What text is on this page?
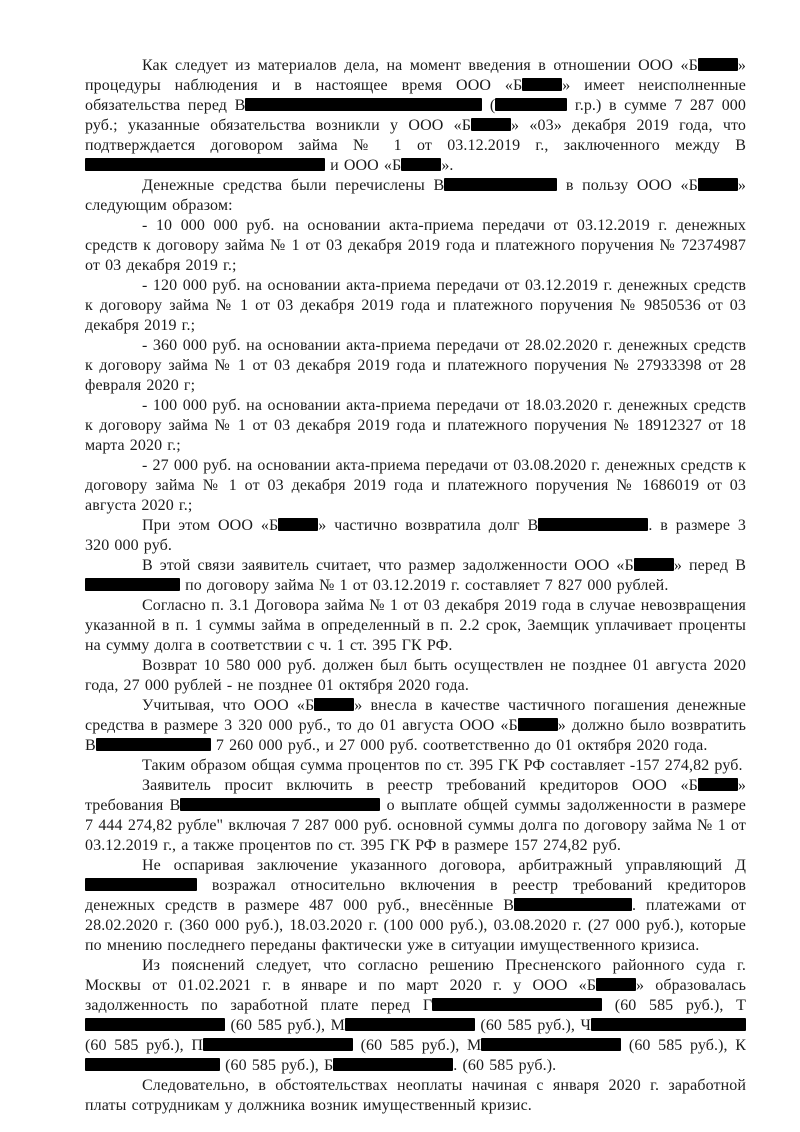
Как следует из материалов дела, на момент введения в отношении ООО «Б	» процедуры наблюдения и в настоящее время ООО «Б	» имеет неисполненные обязательства перед В	(	г.р.) в сумме 7 287 000 руб.; указанные обязательства возникли у ООО «Б	» «03» декабря 2019 года, что подтверждается договором займа № 1 от 03.12.2019 г., заключенного между В и ООО «Б	».

Денежные средства были перечислены В	в пользу ООО «Б	» следующим образом:

- 10 000 000 руб. на основании акта-приема передачи от 03.12.2019 г. денежных средств к договору займа № 1 от 03 декабря 2019 года и платежного поручения № 72374987 от 03 декабря 2019 г.;

- 120 000 руб. на основании акта-приема передачи от 03.12.2019 г. денежных средств к договору займа № 1 от 03 декабря 2019 года и платежного поручения № 9850536 от 03 декабря 2019 г.;

- 360 000 руб. на основании акта-приема передачи от 28.02.2020 г. денежных средств к договору займа № 1 от 03 декабря 2019 года и платежного поручения № 27933398 от 28 февраля 2020 г;

- 100 000 руб. на основании акта-приема передачи от 18.03.2020 г. денежных средств к договору займа № 1 от 03 декабря 2019 года и платежного поручения № 18912327 от 18 марта 2020 г.;

- 27 000 руб. на основании акта-приема передачи от 03.08.2020 г. денежных средств к договору займа № 1 от 03 декабря 2019 года и платежного поручения № 1686019 от 03 августа 2020 г.;

При этом ООО «Б	» частично возвратила долг В	. в размере 3 320 000 руб.

В этой связи заявитель считает, что размер задолженности ООО «Б	» перед В по договору займа № 1 от 03.12.2019 г. составляет 7 827 000 рублей.

Согласно п. 3.1 Договора займа № 1 от 03 декабря 2019 года в случае невозвращения указанной в п. 1 суммы займа в определенный в п. 2.2 срок, Заемщик уплачивает проценты на сумму долга в соответствии с ч. 1 ст. 395 ГК РФ.

Возврат 10 580 000 руб. должен был быть осуществлен не позднее 01 августа 2020 года, 27 000 рублей - не позднее 01 октября 2020 года.

Учитывая, что ООО «Б	» внесла в качестве частичного погашения денежные средства в размере 3 320 000 руб., то до 01 августа ООО «Б	» должно было возвратить В	7 260 000 руб., и 27 000 руб. соответственно до 01 октября 2020 года.

Таким образом общая сумма процентов по ст. 395 ГК РФ составляет -157 274,82 руб.

Заявитель просит включить в реестр требований кредиторов ООО «Б	» требования В	о выплате общей суммы задолженности в размере 7 444 274,82 рубле" включая 7 287 000 руб. основной суммы долга по договору займа № 1 от 03.12.2019 г., а также процентов по ст. 395 ГК РФ в размере 157 274,82 руб.

Не оспаривая заключение указанного договора, арбитражный управляющий Д возражал относительно включения в реестр требований кредиторов денежных средств в размере 487 000 руб., внесённые В	. платежами от 28.02.2020 г. (360 000 руб.), 18.03.2020 г. (100 000 руб.), 03.08.2020 г. (27 000 руб.), которые по мнению последнего переданы фактически уже в ситуации имущественного кризиса.

Из пояснений следует, что согласно решению Пресненского районного суда г. Москвы от 01.02.2021 г. в январе и по март 2020 г. у ООО «Б	» образовалась задолженность по заработной плате перед Г	(60 585 руб.), Т (60 585 руб.), М	(60 585 руб.), Ч (60 585 руб.), П	(60 585 руб.), М	(60 585 руб.), К (60 585 руб.), Б	. (60 585 руб.).

Следовательно, в обстоятельствах неоплаты начиная с января 2020 г. заработной платы сотрудникам у должника возник имущественный кризис.
